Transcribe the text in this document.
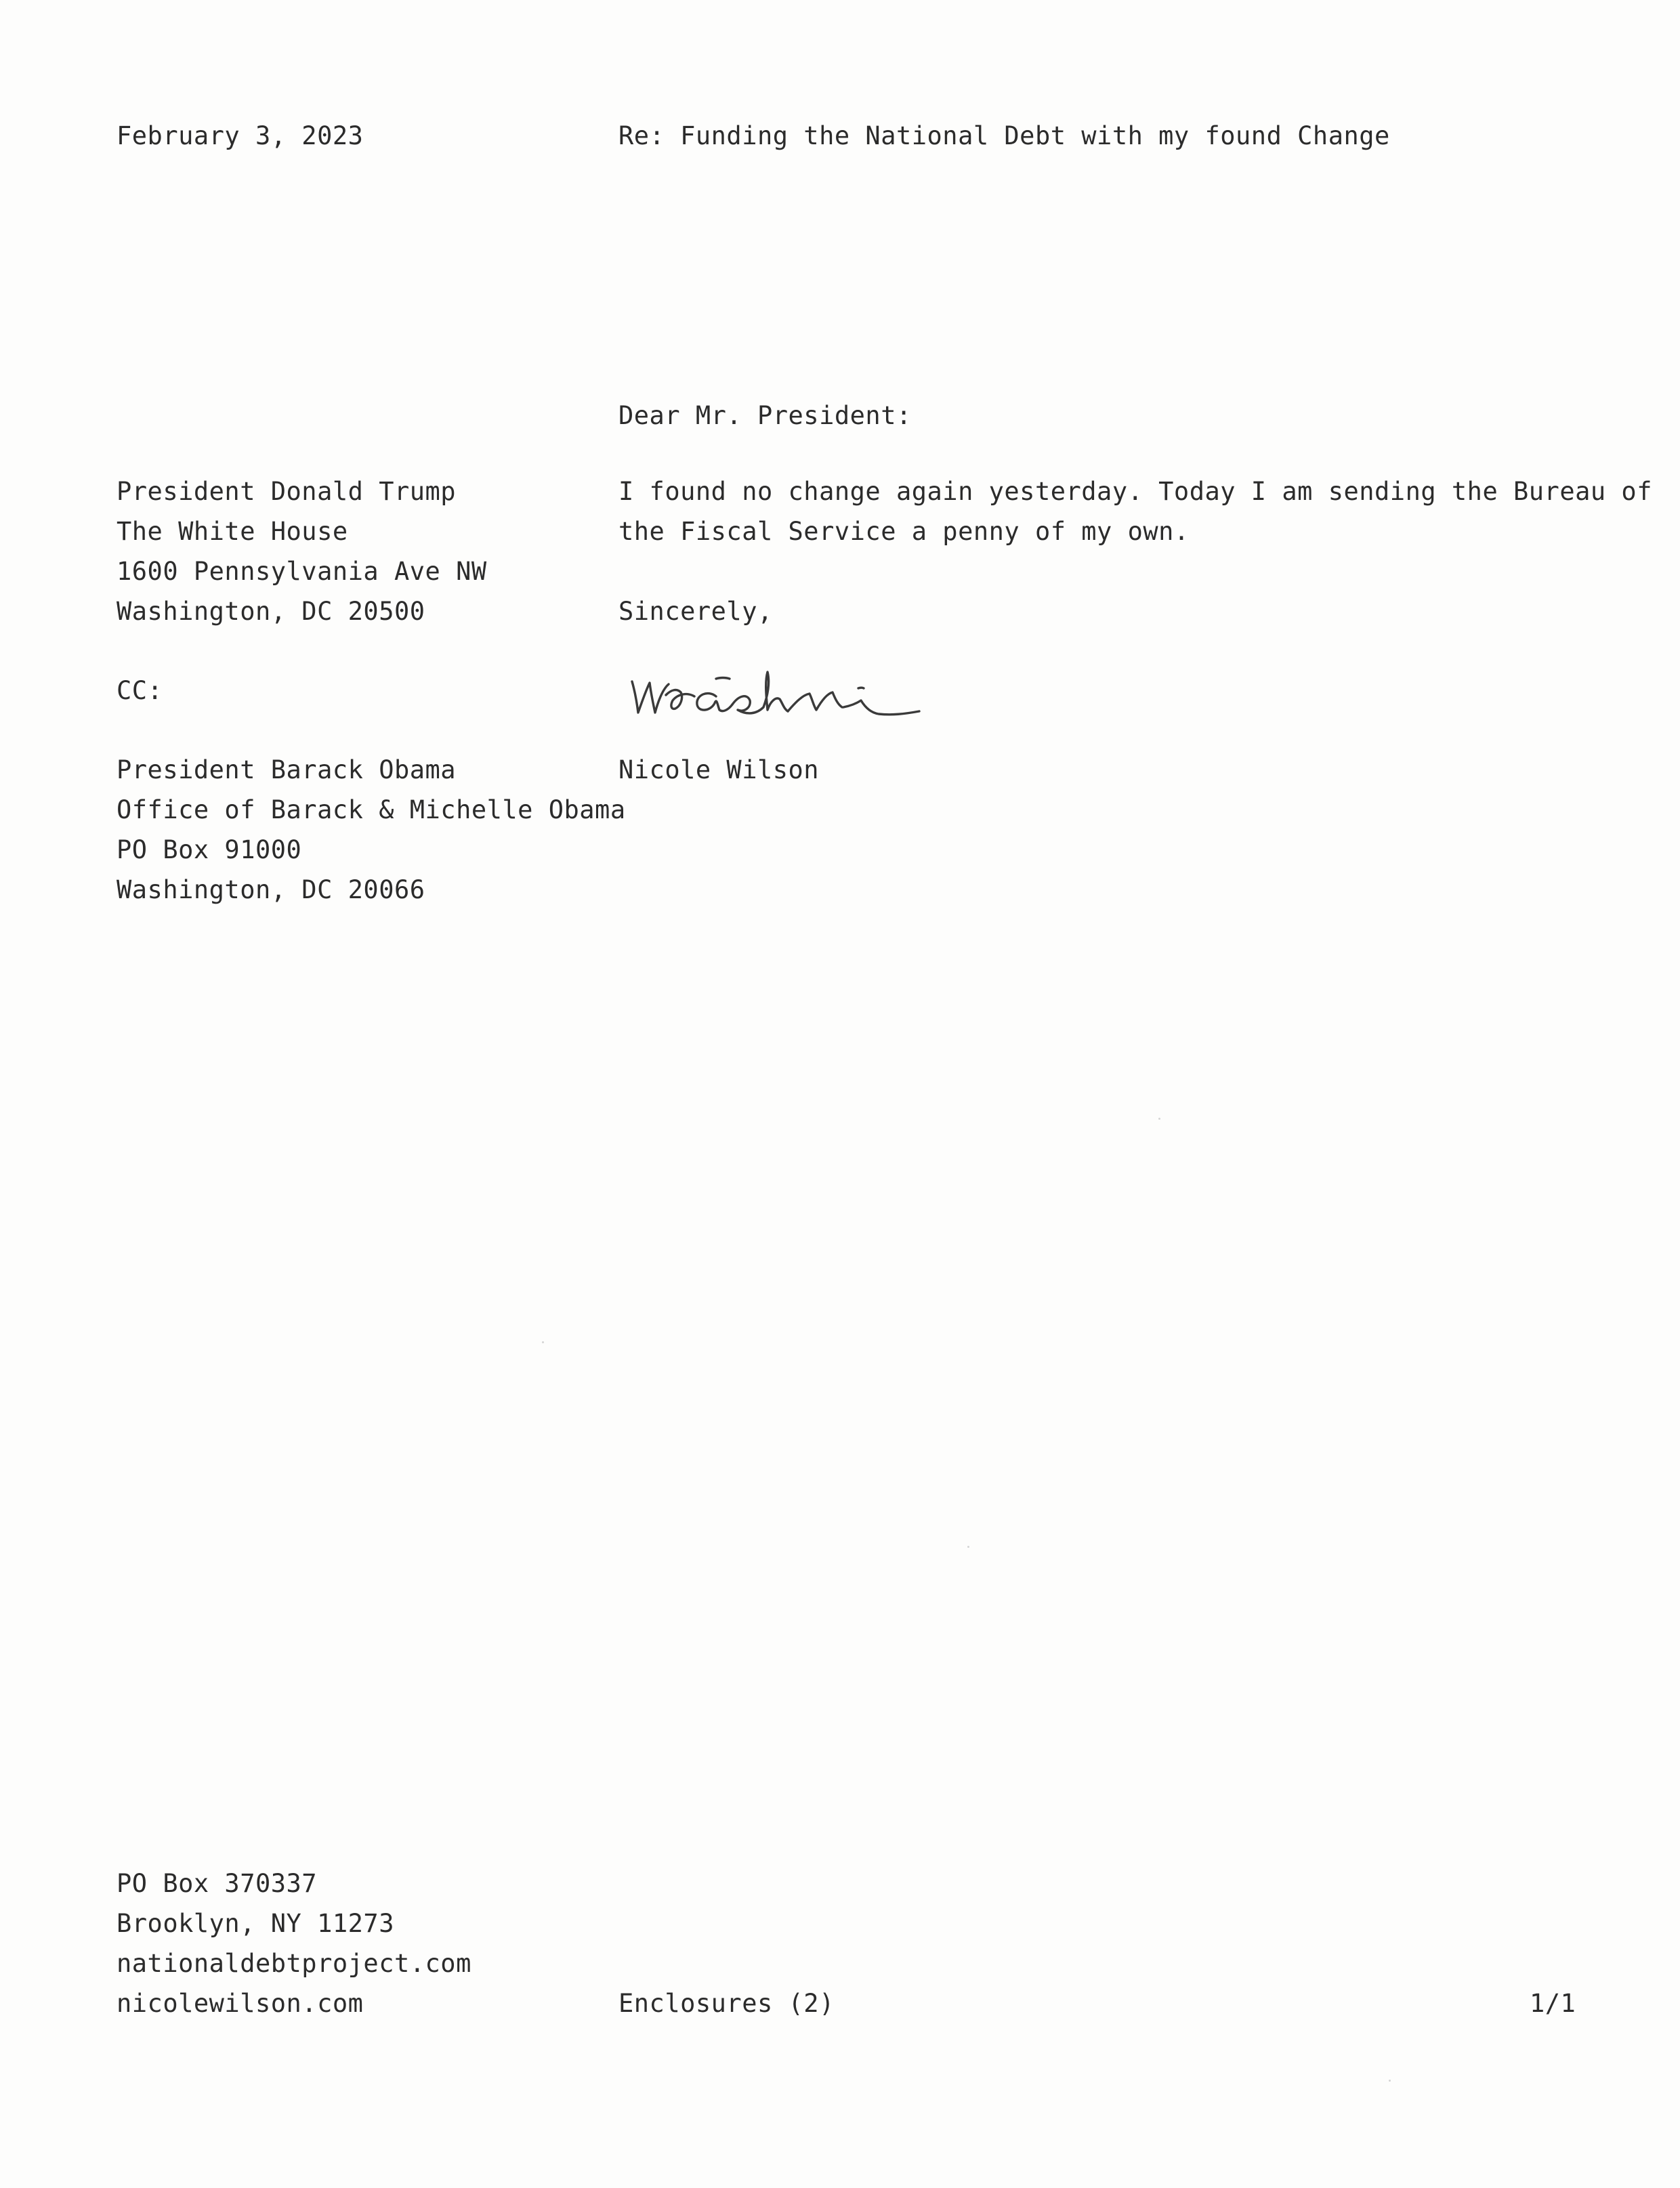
February 3, 2023	Re: Funding the National Debt with my found Change
Dear Mr. President:
President Donald Trump
The White House
1600 Pennsylvania Ave NW
Washington, DC 20500
I found no change again yesterday. Today I am sending the Bureau of
the Fiscal Service a penny of my own.
Sincerely,
CC:
Nicole Wilson
President Barack Obama
Office of Barack & Michelle Obama
PO Box 91000
Washington, DC 20066
PO Box 370337
Brooklyn, NY 11273
nationaldebtproject.com
nicolewilson.com	Enclosures (2)	1/1
